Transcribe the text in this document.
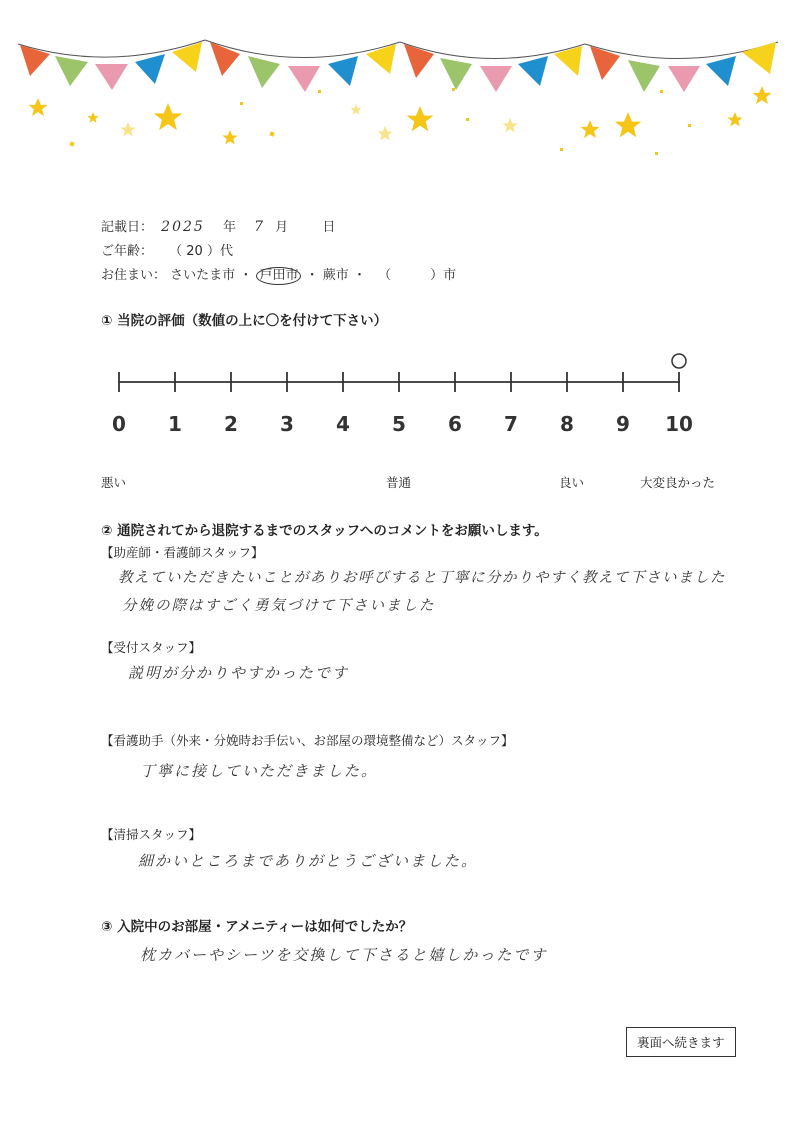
記載日： 2025 年 7 月	日
ご年齢： （ 20 ）代
お住まい： さいたま市 ・ 戸田市 ・ 蕨市 ・ （　　　）市
① 当院の評価（数値の上に〇を付けて下さい）
0	1	2	3	4	5	6	7	8	9	10
悪い	普通	良い	大変良かった
② 通院されてから退院するまでのスタッフへのコメントをお願いします。
【助産師・看護師スタッフ】
教えていただきたいことがありお呼びすると丁寧に分かりやすく教えて下さいました
分娩の際はすごく勇気づけて下さいました
【受付スタッフ】
説明が分かりやすかったです
【看護助手（外来・分娩時お手伝い、お部屋の環境整備など）スタッフ】
丁寧に接していただきました。
【清掃スタッフ】
細かいところまでありがとうございました。
③ 入院中のお部屋・アメニティーは如何でしたか？
枕カバーやシーツを交換して下さると嬉しかったです
裏面へ続きます
